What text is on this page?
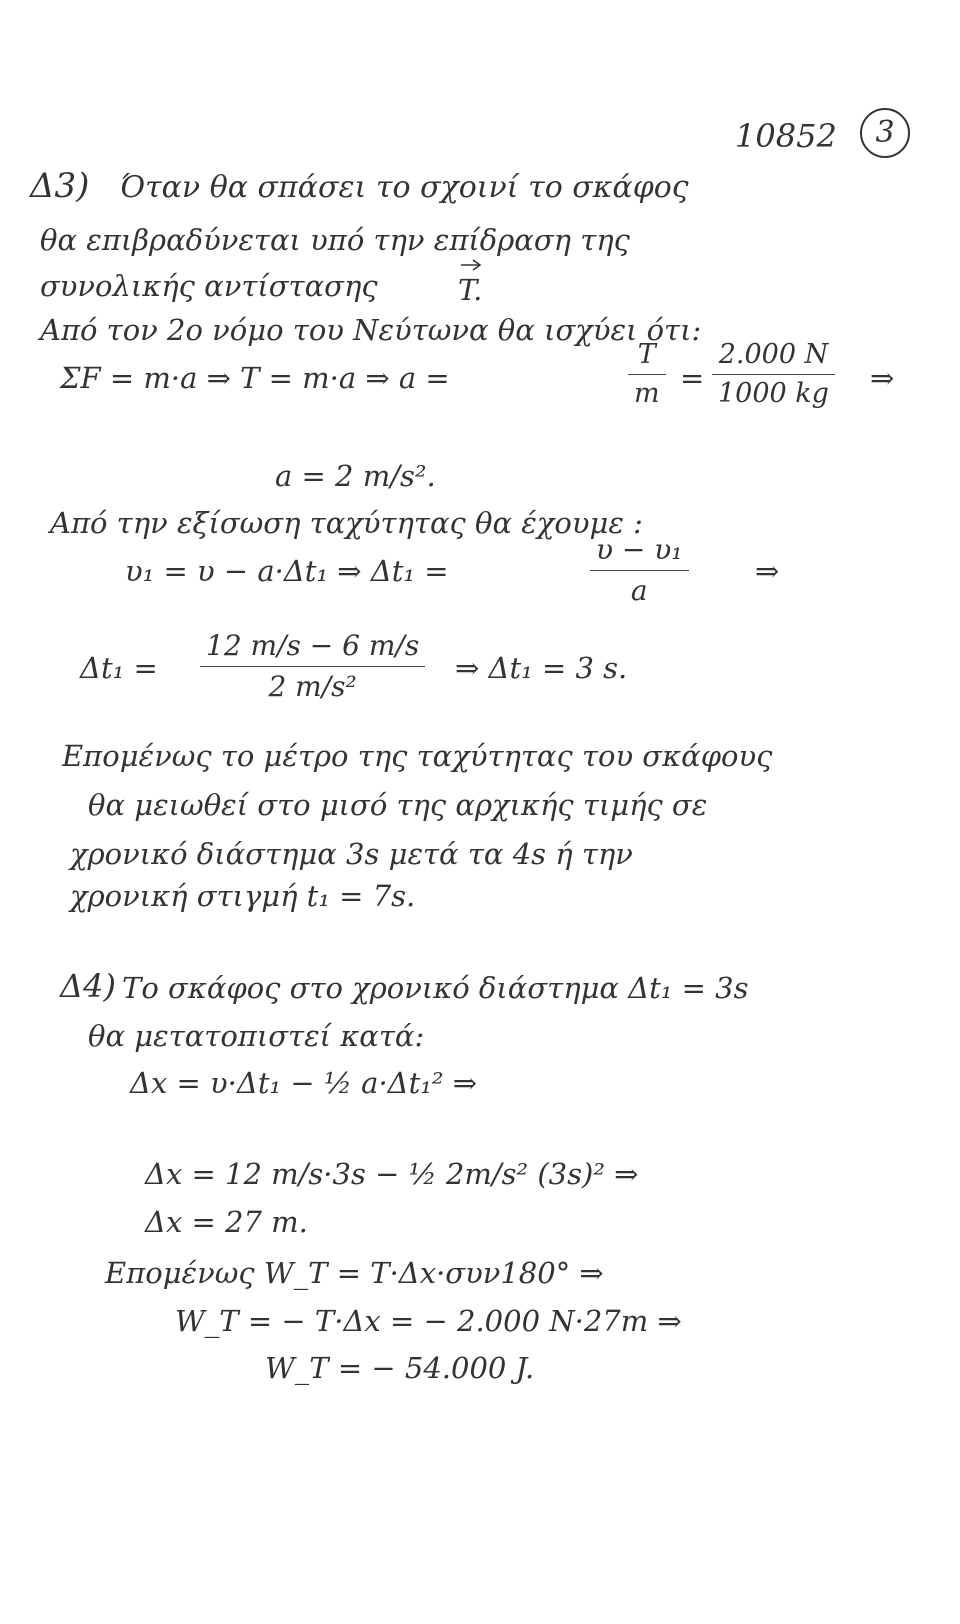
10852	3
Δ3) Όταν θα σπάσει το σχοινί το σκάφος
θα επιβραδύνεται υπό την επίδραση της
συνολικής αντίστασης	T.
Από τον 2ο νόμο του Νεύτωνα θα ισχύει ότι:
ΣF = m·a ⇒ T = m·a ⇒ a =	$\frac{T}{m} = \frac{2.000 N}{1000 kg}$ ⇒
a = 2 m/s².
Από την εξίσωση ταχύτητας θα έχουμε :
υ₁ = υ − a·Δt₁ ⇒ Δt₁ =	$\frac{\text{υ − υ₁}}{a}$ ⇒
$\Delta t_1 = \frac{12 m/s - 6 m/s}{\text{2 m/s²}}$ ⇒ Δt₁ = 3 s.
Επομένως το μέτρο της ταχύτητας του σκάφους
θα μειωθεί στο μισό της αρχικής τιμής σε
χρονικό διάστημα 3s μετά τα 4s ή την
χρονική στιγμή t₁ = 7s.
Δ4) Το σκάφος στο χρονικό διάστημα Δt₁ = 3s
θα μετατοπιστεί κατά:
Δx = υ·Δt₁ − ½ a·Δt₁² ⇒
Δx = 12 m/s·3s − ½ 2m/s² (3s)² ⇒
Δx = 27 m.
Επομένως W_T = T·Δx·συν180° ⇒
W_T = − T·Δx = − 2.000 N·27m ⇒
W_T = − 54.000 J.
